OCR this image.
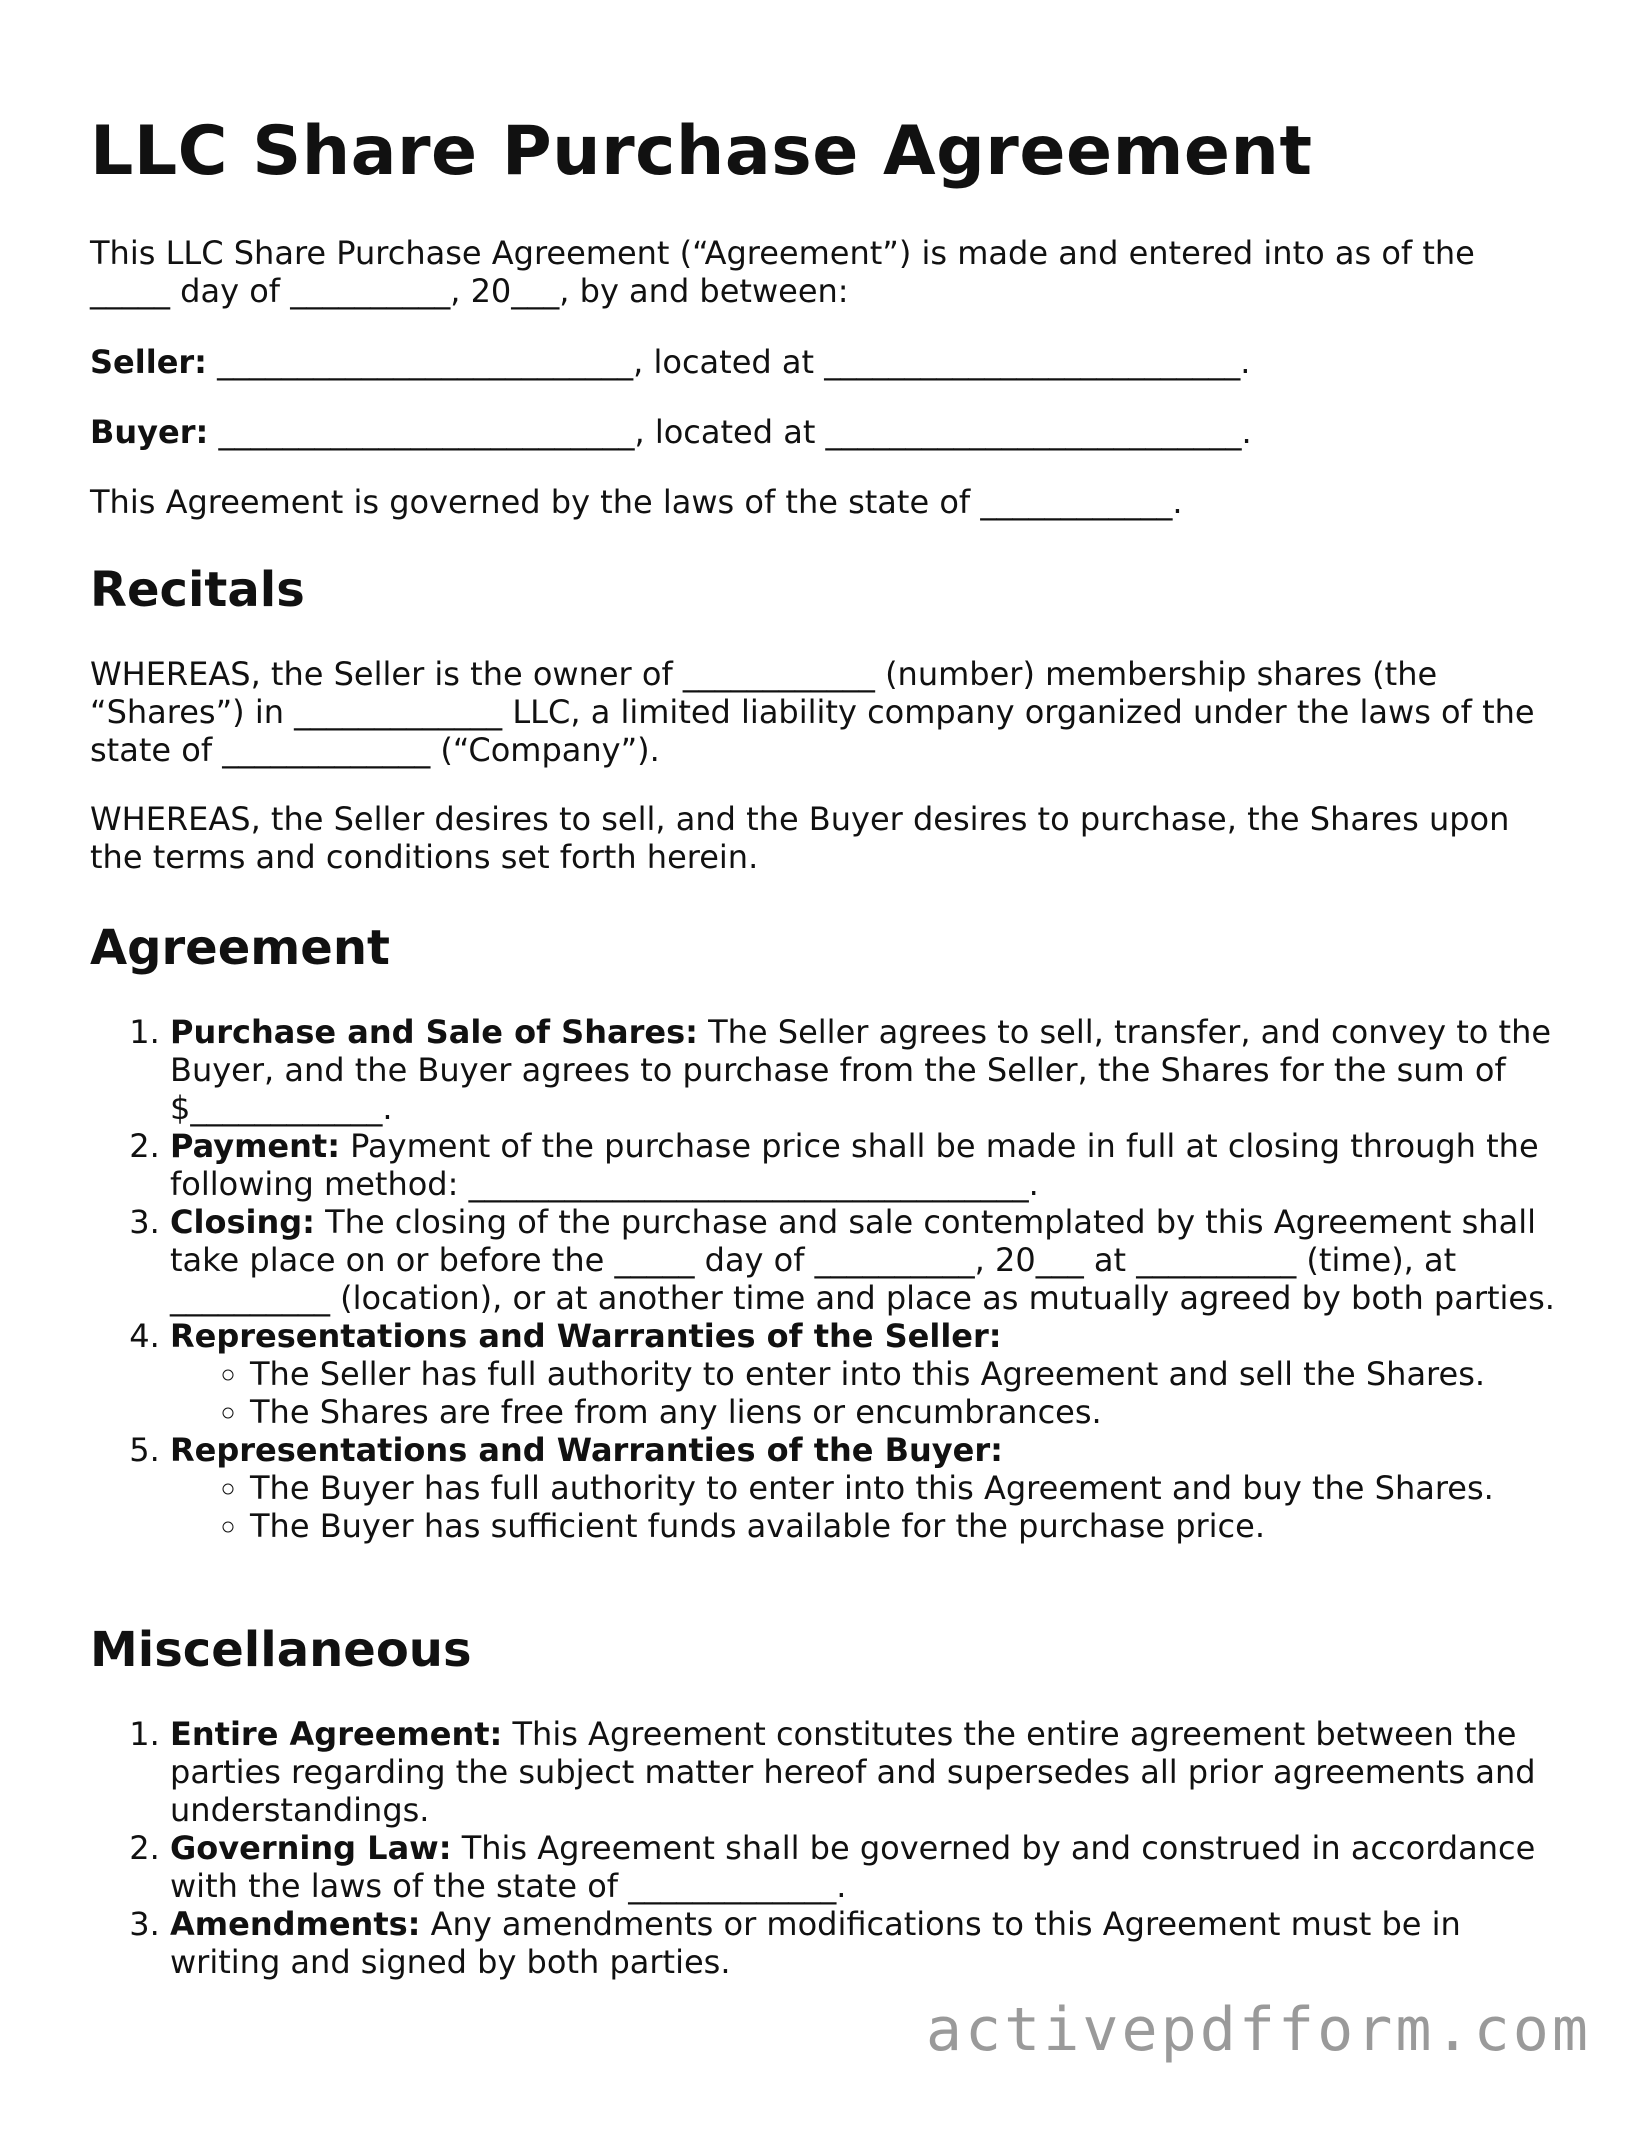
LLC Share Purchase Agreement
This LLC Share Purchase Agreement (“Agreement”) is made and entered into as of the _____ day of __________, 20___, by and between:
Seller: __________________________, located at __________________________.
Buyer: __________________________, located at __________________________.
This Agreement is governed by the laws of the state of ____________.
Recitals
WHEREAS, the Seller is the owner of ____________ (number) membership shares (the “Shares”) in _____________ LLC, a limited liability company organized under the laws of the state of _____________ (“Company”).
WHEREAS, the Seller desires to sell, and the Buyer desires to purchase, the Shares upon the terms and conditions set forth herein.
Agreement
1. Purchase and Sale of Shares: The Seller agrees to sell, transfer, and convey to the Buyer, and the Buyer agrees to purchase from the Seller, the Shares for the sum of $____________.
2. Payment: Payment of the purchase price shall be made in full at closing through the following method: ___________________________________.
3. Closing: The closing of the purchase and sale contemplated by this Agreement shall take place on or before the _____ day of __________, 20___ at __________ (time), at __________ (location), or at another time and place as mutually agreed by both parties.
4. Representations and Warranties of the Seller:
◦ The Seller has full authority to enter into this Agreement and sell the Shares.
◦ The Shares are free from any liens or encumbrances.
5. Representations and Warranties of the Buyer:
◦ The Buyer has full authority to enter into this Agreement and buy the Shares.
◦ The Buyer has sufficient funds available for the purchase price.
Miscellaneous
1. Entire Agreement: This Agreement constitutes the entire agreement between the parties regarding the subject matter hereof and supersedes all prior agreements and understandings.
2. Governing Law: This Agreement shall be governed by and construed in accordance with the laws of the state of _____________.
3. Amendments: Any amendments or modifications to this Agreement must be in writing and signed by both parties.
activepdfform.com
